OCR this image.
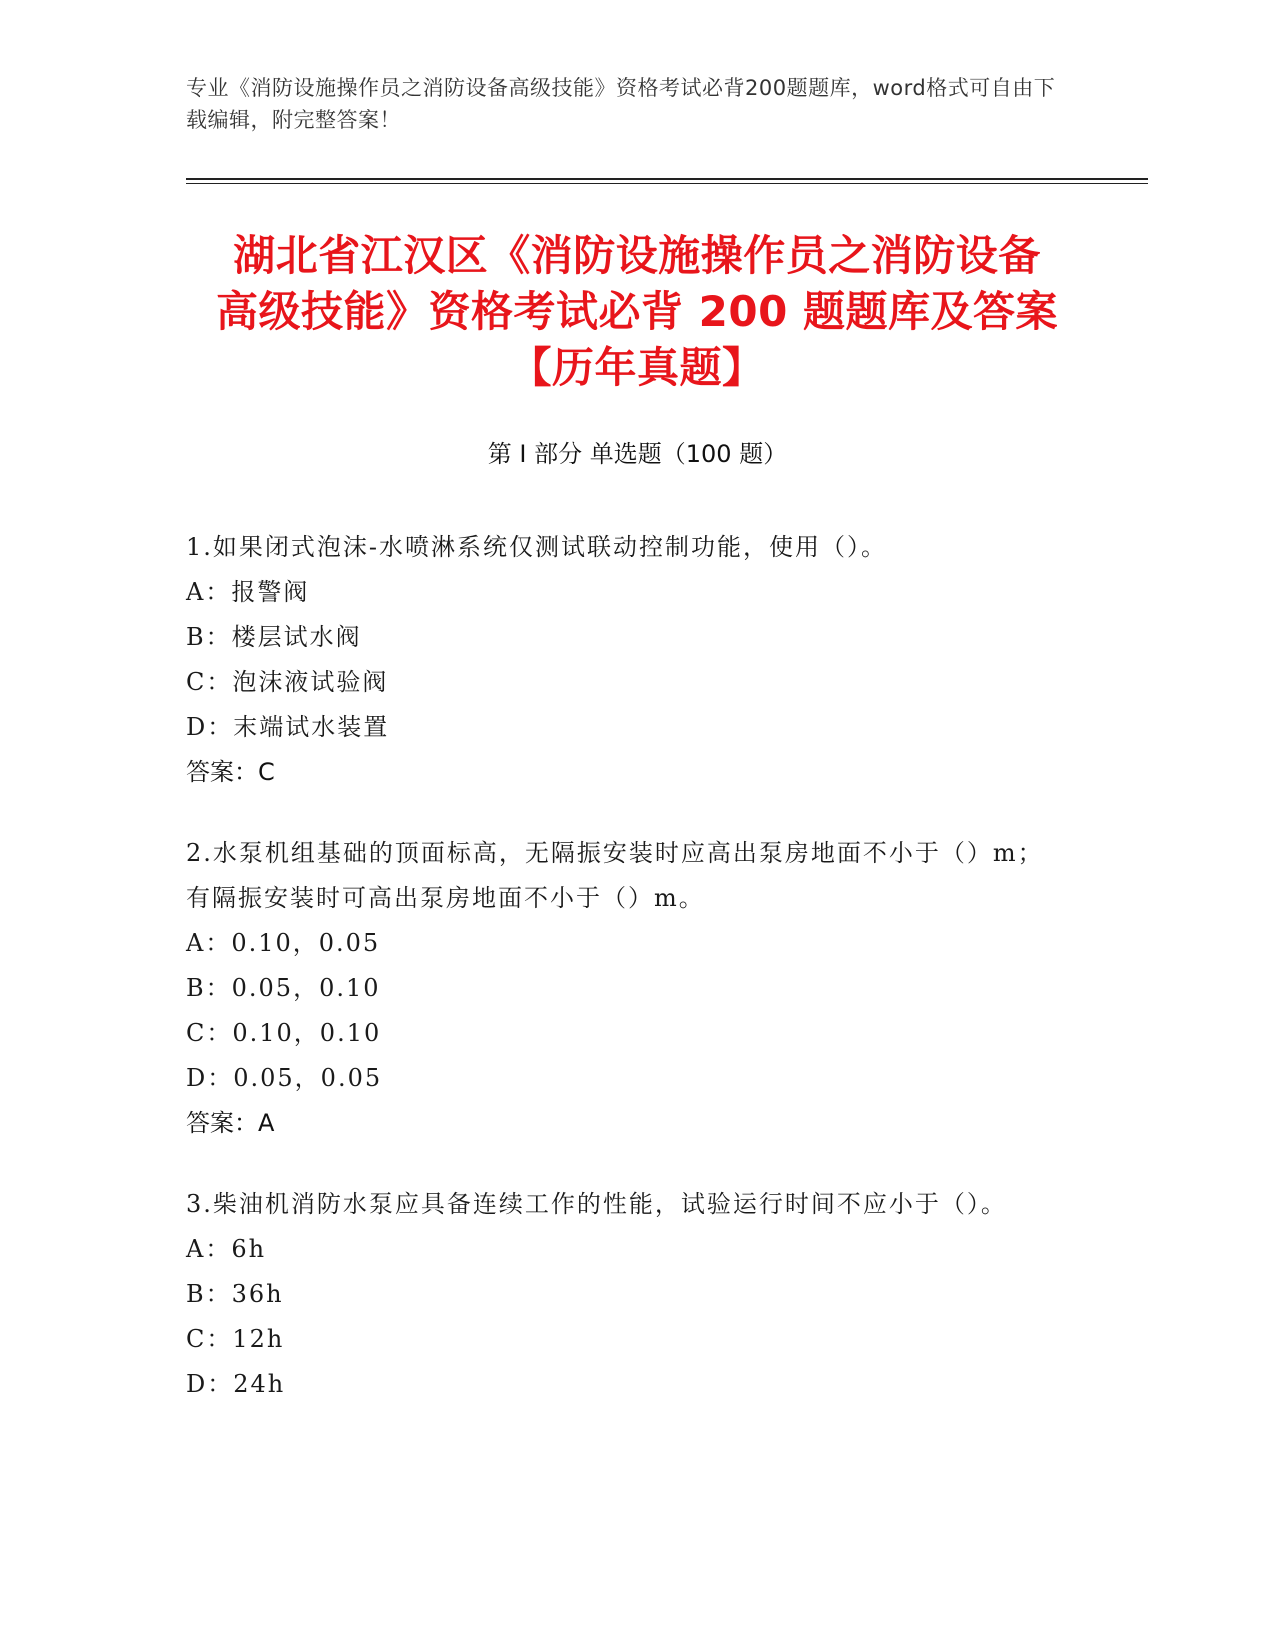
专业《消防设施操作员之消防设备高级技能》资格考试必背200题题库，word格式可自由下载编辑，附完整答案！
湖北省江汉区《消防设施操作员之消防设备
高级技能》资格考试必背 200 题题库及答案
【历年真题】
第 I 部分 单选题（100 题）
1.如果闭式泡沫-水喷淋系统仅测试联动控制功能，使用（）。
A：报警阀
B：楼层试水阀
C：泡沫液试验阀
D：末端试水装置
答案：C
2.水泵机组基础的顶面标高，无隔振安装时应高出泵房地面不小于（）m；有隔振安装时可高出泵房地面不小于（）m。
A：0.10，0.05
B：0.05，0.10
C：0.10，0.10
D：0.05，0.05
答案：A
3.柴油机消防水泵应具备连续工作的性能，试验运行时间不应小于（）。
A：6h
B：36h
C：12h
D：24h
